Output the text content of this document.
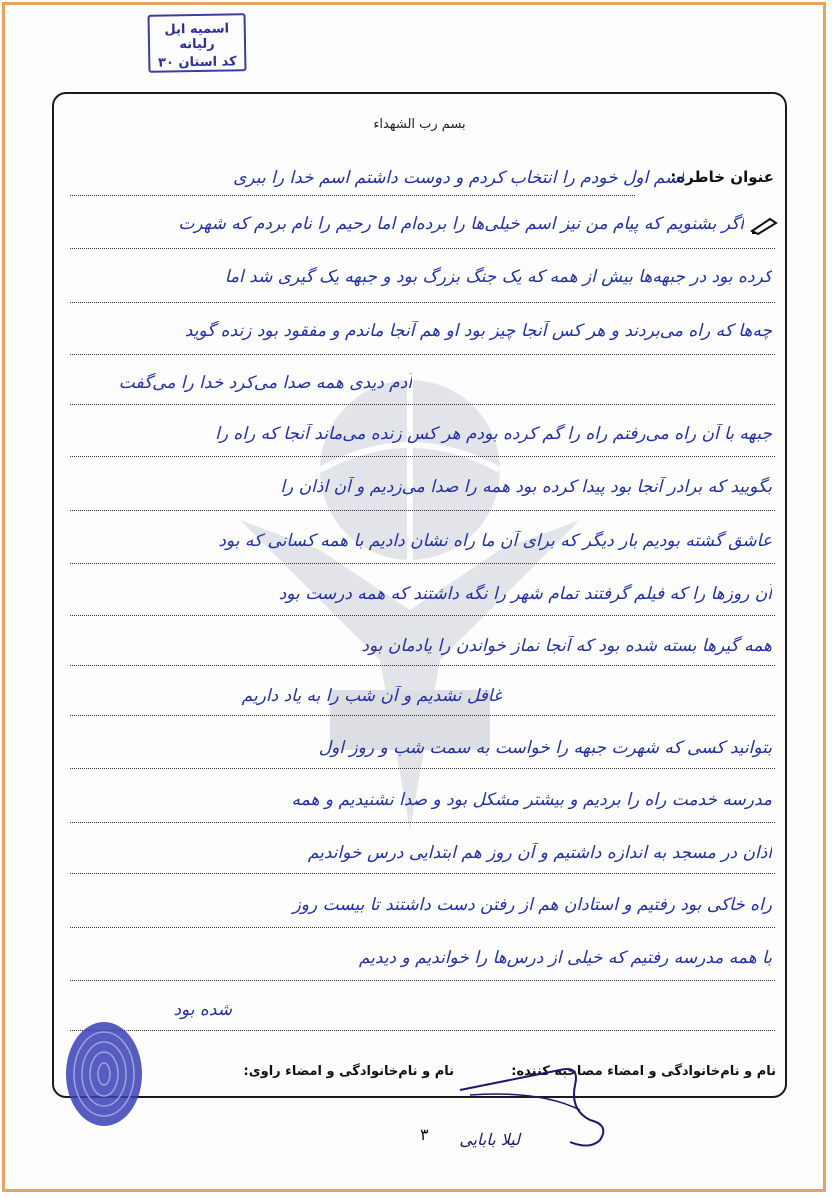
اسمیه ایل رلیانه
کد استان ۳۰
بسم رب الشهداء
عنوان خاطره:
اسم اول خودم را انتخاب کردم و دوست داشتم اسم خدا را ببری
اگر بشنویم که پیام من نیز اسم خیلی‌ها را برده‌ام اما رحیم را نام بردم که شهرت
کرده بود در جبهه‌ها بیش از همه که یک جنگ بزرگ بود و جبهه یک گیری شد اما
چه‌ها که راه می‌بردند و هر کس آنجا چیز بود او هم آنجا ماندم و مفقود بود زنده گوید
آدم دیدی همه صدا می‌کرد خدا را می‌گفت
جبهه با آن راه می‌رفتم راه را گم کرده بودم هر کس زنده می‌ماند آنجا که راه را
بگویید که برادر آنجا بود پیدا کرده بود همه را صدا می‌زدیم و آن اذان را
عاشق گشته بودیم بار دیگر که برای آن ما راه نشان دادیم با همه کسانی که بود
آن روزها را که فیلم گرفتند تمام شهر را نگه داشتند که همه درست بود
همه گیرها بسته شده بود که آنجا نماز خواندن را یادمان بود
غافل نشدیم و آن شب را به یاد داریم
بتوانید کسی که شهرت جبهه را خواست به سمت شب و روز اول
مدرسه خدمت راه را بردیم و بیشتر مشکل بود و صدا نشنیدیم و همه
اذان در مسجد به اندازه داشتیم و آن روز هم ابتدایی درس خواندیم
راه خاکی بود رفتیم و استادان هم از رفتن دست داشتند تا بیست روز
با همه مدرسه رفتیم که خیلی از درس‌ها را خواندیم و دیدیم
شده بود
نام و نام‌خانوادگی و امضاء مصاحبه کننده:
نام و نام‌خانوادگی و امضاء راوی:
لیلا بابایی
۳
